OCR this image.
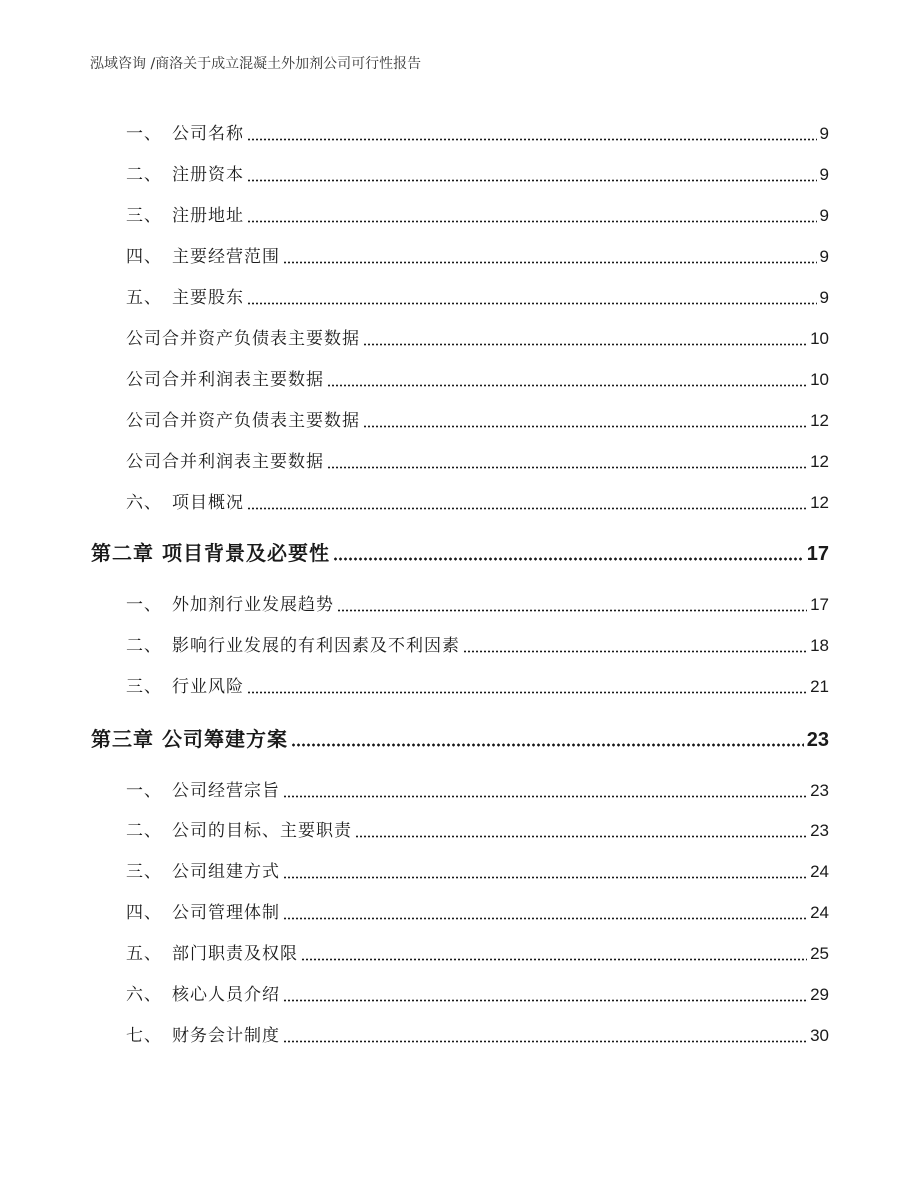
泓域咨询 /商洛关于成立混凝土外加剂公司可行性报告
一、 公司名称	9
二、 注册资本	9
三、 注册地址	9
四、 主要经营范围	9
五、 主要股东	9
公司合并资产负债表主要数据	10
公司合并利润表主要数据	10
公司合并资产负债表主要数据	12
公司合并利润表主要数据	12
六、 项目概况	12
第二章 项目背景及必要性	17
一、 外加剂行业发展趋势	17
二、 影响行业发展的有利因素及不利因素	18
三、 行业风险	21
第三章 公司筹建方案	23
一、 公司经营宗旨	23
二、 公司的目标、主要职责	23
三、 公司组建方式	24
四、 公司管理体制	24
五、 部门职责及权限	25
六、 核心人员介绍	29
七、 财务会计制度	30
